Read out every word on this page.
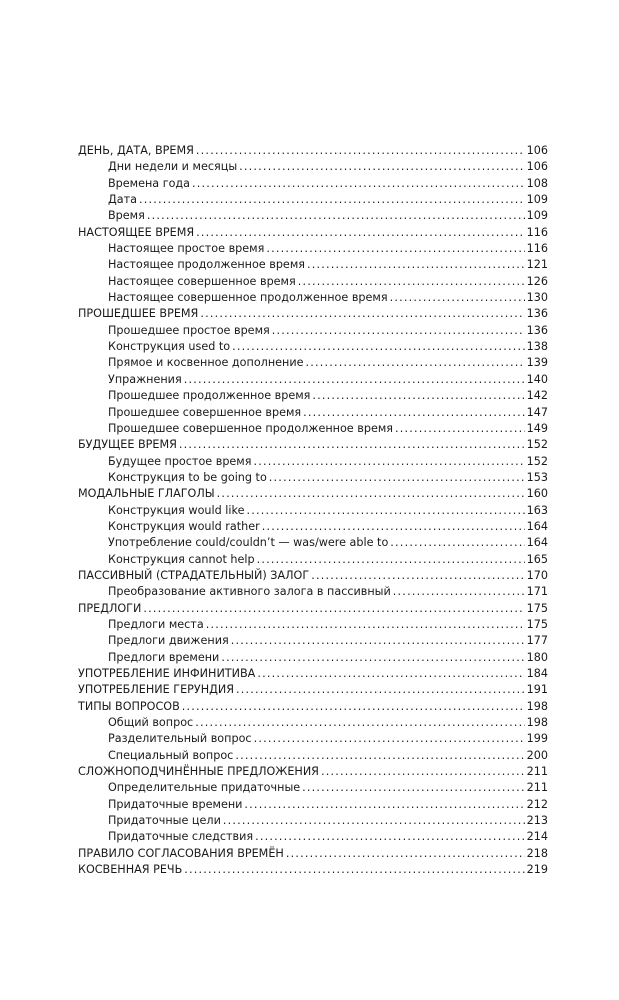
ДЕНЬ, ДАТА, ВРЕМЯ .....	106
Дни недели и месяцы .....	106
Времена года .....	108
Дата .....	109
Время .....	109
НАСТОЯЩЕЕ ВРЕМЯ .....	116
Настоящее простое время .....	116
Настоящее продолженное время .....	121
Настоящее совершенное время .....	126
Настоящее совершенное продолженное время .....	130
ПРОШЕДШЕЕ ВРЕМЯ .....	136
Прошедшее простое время .....	136
Конструкция used to .....	138
Прямое и косвенное дополнение .....	139
Упражнения .....	140
Прошедшее продолженное время .....	142
Прошедшее совершенное время .....	147
Прошедшее совершенное продолженное время .....	149
БУДУЩЕЕ ВРЕМЯ .....	152
Будущее простое время .....	152
Конструкция to be going to .....	153
МОДАЛЬНЫЕ ГЛАГОЛЫ .....	160
Конструкция would like .....	163
Конструкция would rather .....	164
Употребление could/couldn’t — was/were able to .....	164
Конструкция cannot help .....	165
ПАССИВНЫЙ (СТРАДАТЕЛЬНЫЙ) ЗАЛОГ .....	170
Преобразование активного залога в пассивный .....	171
ПРЕДЛОГИ .....	175
Предлоги места .....	175
Предлоги движения .....	177
Предлоги времени .....	180
УПОТРЕБЛЕНИЕ ИНФИНИТИВА .....	184
УПОТРЕБЛЕНИЕ ГЕРУНДИЯ .....	191
ТИПЫ ВОПРОСОВ .....	198
Общий вопрос .....	198
Разделительный вопрос .....	199
Специальный вопрос .....	200
СЛОЖНОПОДЧИНЁННЫЕ ПРЕДЛОЖЕНИЯ .....	211
Определительные придаточные .....	211
Придаточные времени .....	212
Придаточные цели .....	213
Придаточные следствия .....	214
ПРАВИЛО СОГЛАСОВАНИЯ ВРЕМЁН .....	218
КОСВЕННАЯ РЕЧЬ .....	219
